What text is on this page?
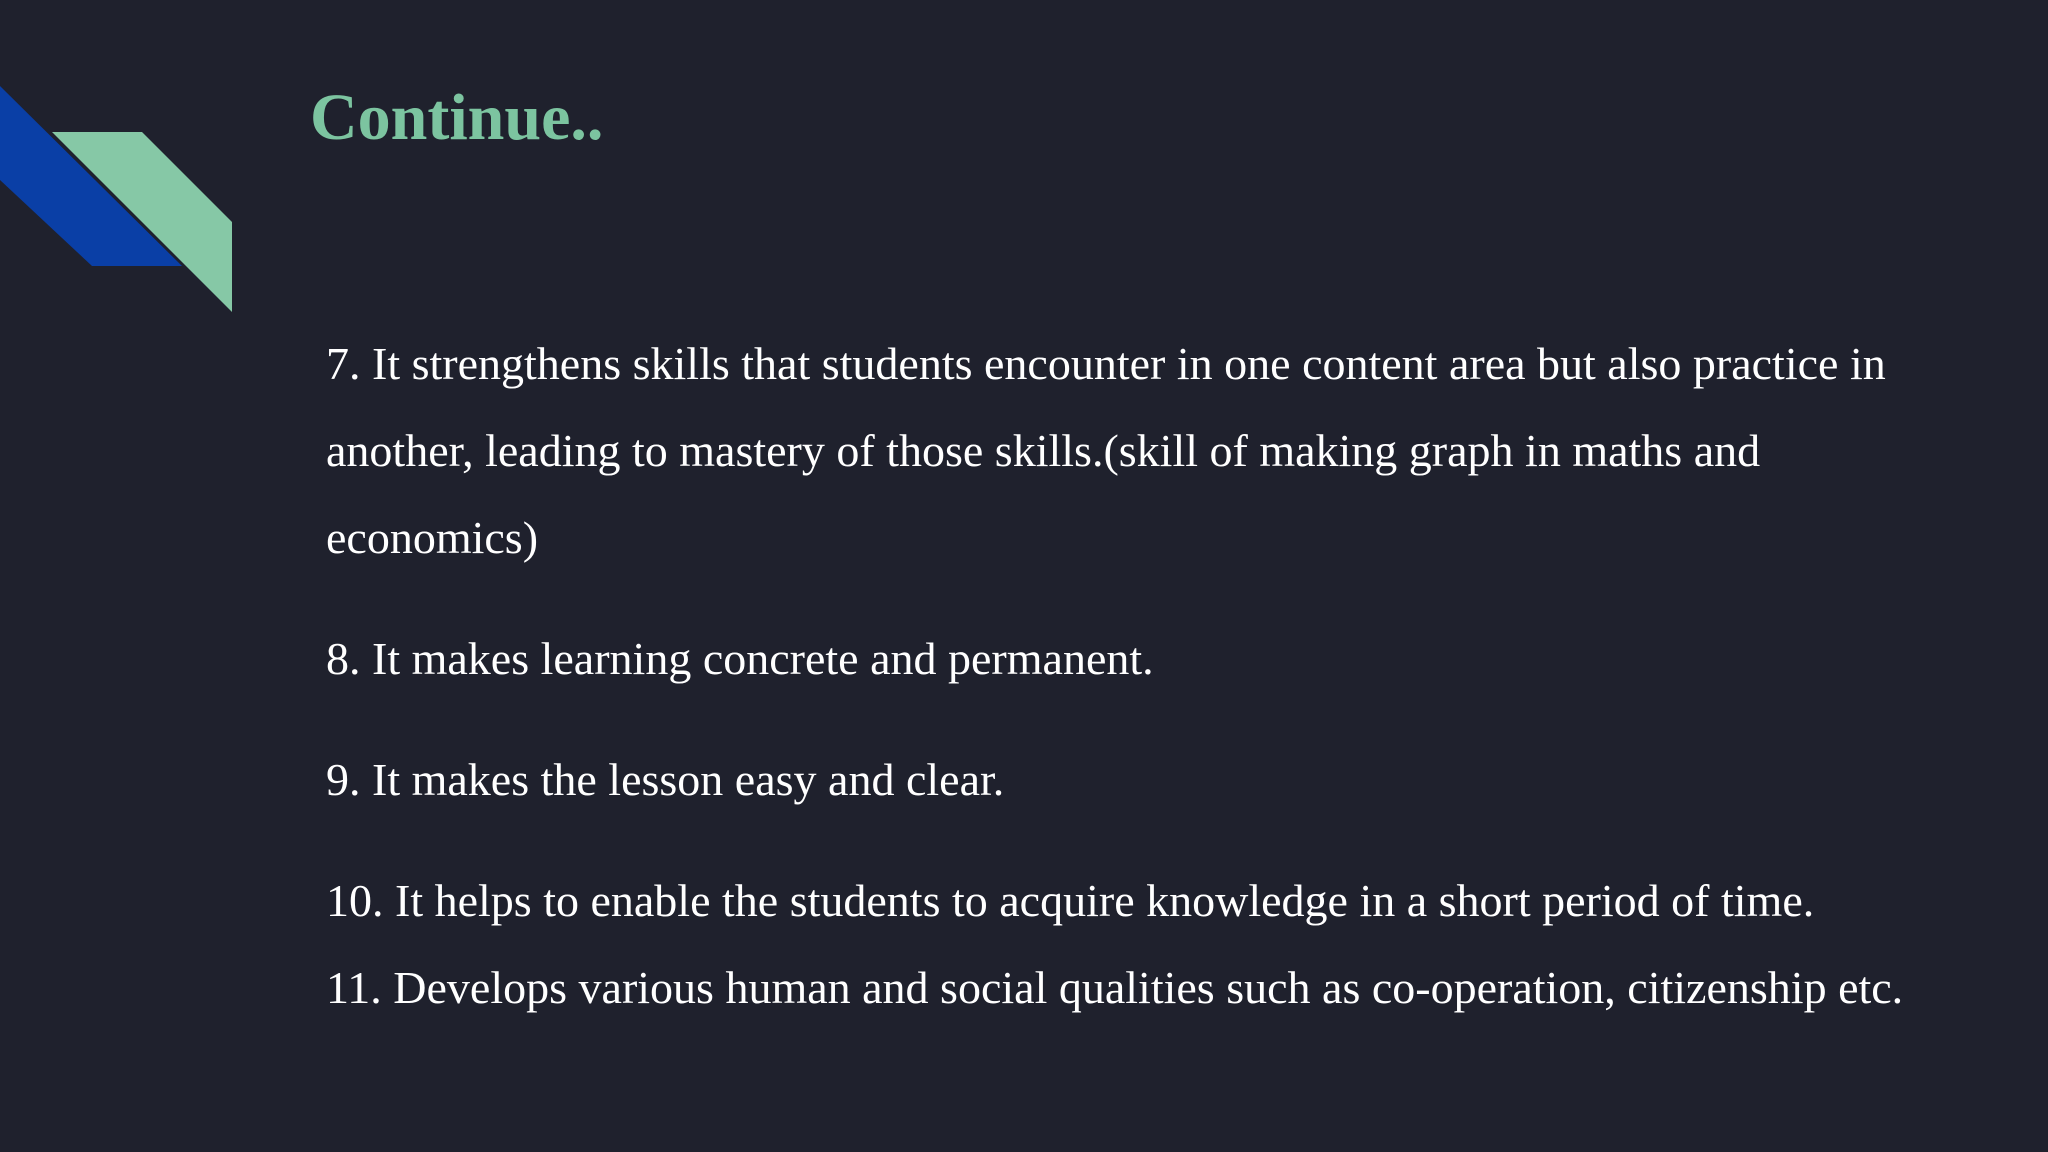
Continue..

7. It strengthens skills that students encounter in one content area but also practice in another, leading to mastery of those skills.(skill of making graph in maths and economics)

8. It makes learning concrete and permanent.

9. It makes the lesson easy and clear.

10. It helps to enable the students to acquire knowledge in a short period of time.

11. Develops various human and social qualities such as co-operation, citizenship etc.
